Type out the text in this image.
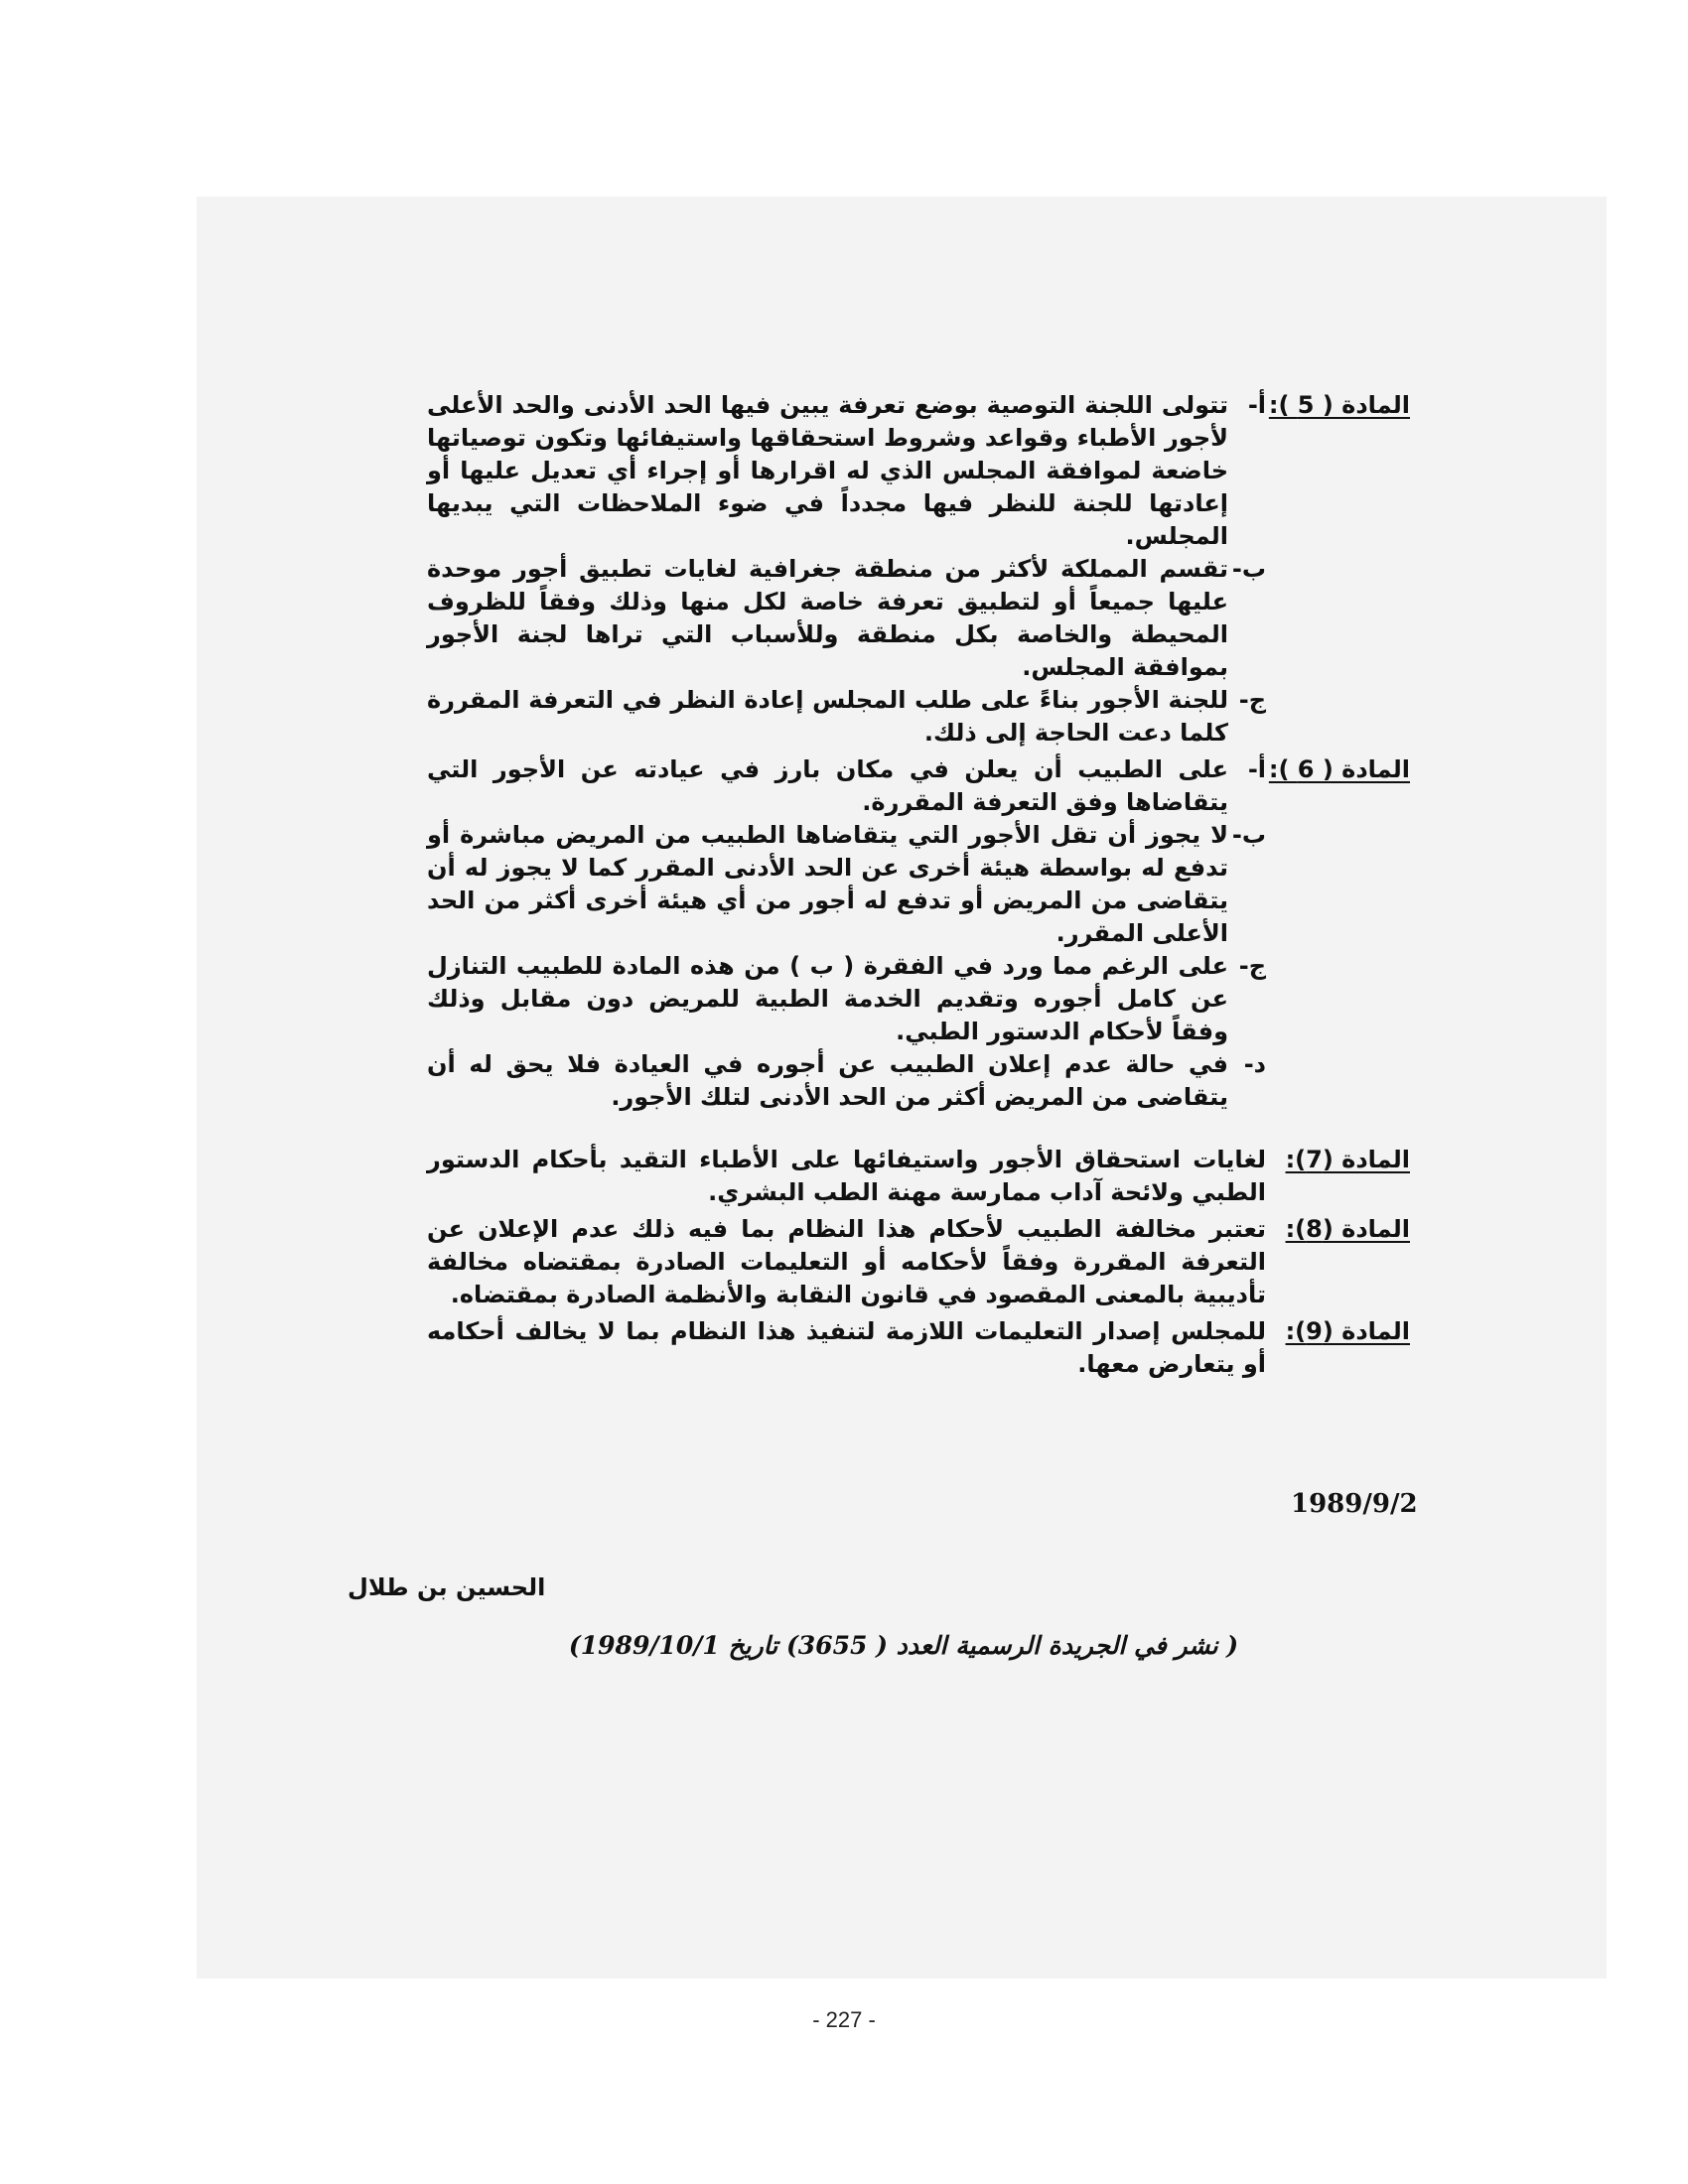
المادة ( 5 ):
أ-
تتولى اللجنة التوصية بوضع تعرفة يبين فيها الحد الأدنى والحد الأعلى لأجور الأطباء وقواعد وشروط استحقاقها واستيفائها وتكون توصياتها خاضعة لموافقة المجلس الذي له اقرارها أو إجراء أي تعديل عليها أو إعادتها للجنة للنظر فيها مجدداً في ضوء الملاحظات التي يبديها المجلس.
ب-
تقسم المملكة لأكثر من منطقة جغرافية لغايات تطبيق أجور موحدة عليها جميعاً أو لتطبيق تعرفة خاصة لكل منها وذلك وفقاً للظروف المحيطة والخاصة بكل منطقة وللأسباب التي تراها لجنة الأجور بموافقة المجلس.
ج-
للجنة الأجور بناءً على طلب المجلس إعادة النظر في التعرفة المقررة كلما دعت الحاجة إلى ذلك.
المادة ( 6 ):
أ-
على الطبيب أن يعلن في مكان بارز في عيادته عن الأجور التي يتقاضاها وفق التعرفة المقررة.
ب-
لا يجوز أن تقل الأجور التي يتقاضاها الطبيب من المريض مباشرة أو تدفع له بواسطة هيئة أخرى عن الحد الأدنى المقرر كما لا يجوز له أن يتقاضى من المريض أو تدفع له أجور من أي هيئة أخرى أكثر من الحد الأعلى المقرر.
ج-
على الرغم مما ورد في الفقرة ( ب ) من هذه المادة للطبيب التنازل عن كامل أجوره وتقديم الخدمة الطبية للمريض دون مقابل وذلك وفقاً لأحكام الدستور الطبي.
د-
في حالة عدم إعلان الطبيب عن أجوره في العيادة فلا يحق له أن يتقاضى من المريض أكثر من الحد الأدنى لتلك الأجور.
المادة (7):
لغايات استحقاق الأجور واستيفائها على الأطباء التقيد بأحكام الدستور الطبي ولائحة آداب ممارسة مهنة الطب البشري.
المادة (8):
تعتبر مخالفة الطبيب لأحكام هذا النظام بما فيه ذلك عدم الإعلان عن التعرفة المقررة وفقاً لأحكامه أو التعليمات الصادرة بمقتضاه مخالفة تأديبية بالمعنى المقصود في قانون النقابة والأنظمة الصادرة بمقتضاه.
المادة (9):
للمجلس إصدار التعليمات اللازمة لتنفيذ هذا النظام بما لا يخالف أحكامه أو يتعارض معها.
1989/9/2
الحسين بن طلال
( نشر في الجريدة الرسمية العدد ( 3655) تاريخ 1989/10/1)
- 227 -
